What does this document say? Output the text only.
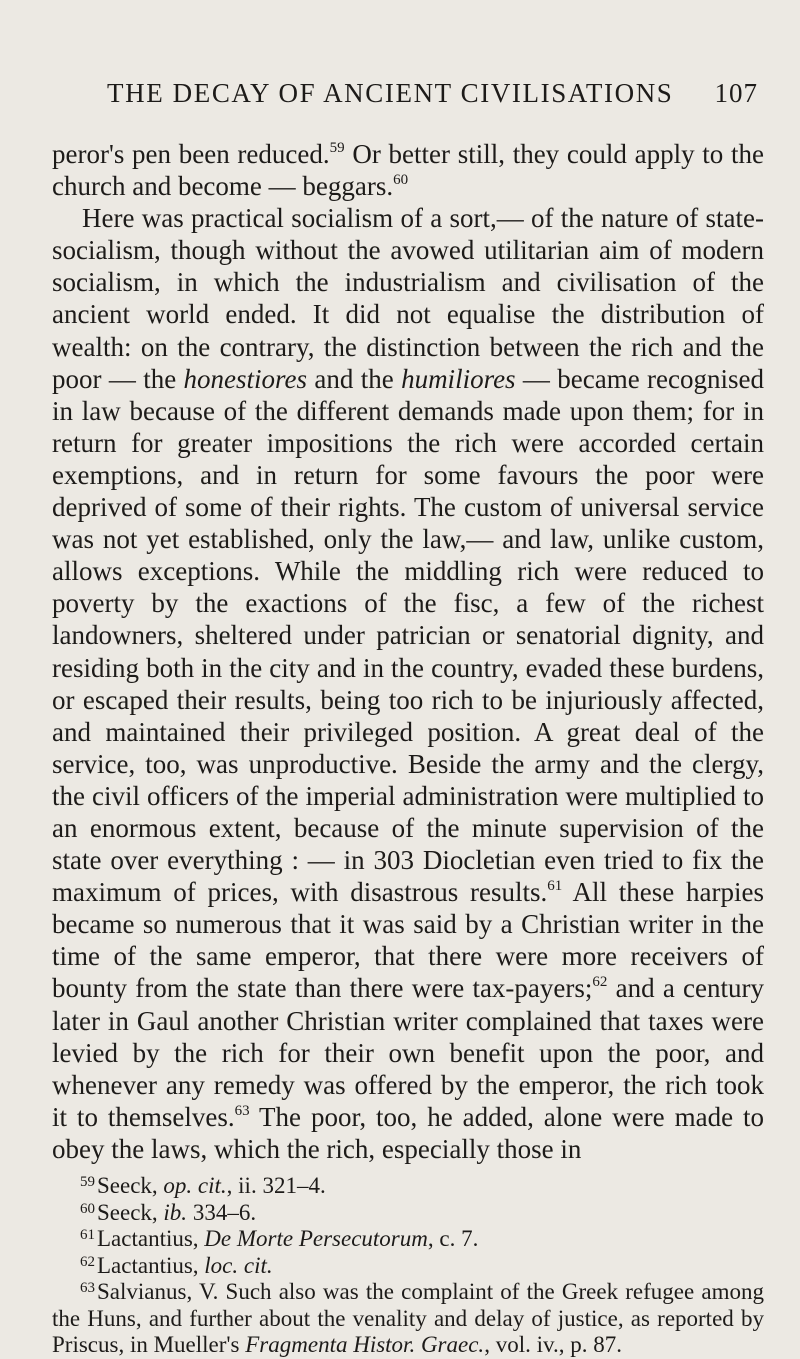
THE DECAY OF ANCIENT CIVILISATIONS 107

peror's pen been reduced.$^{59}$ Or better still, they could apply to the church and become — beggars.$^{60}$

Here was practical socialism of a sort,— of the nature of state-socialism, though without the avowed utilitarian aim of modern socialism, in which the industrialism and civilisation of the ancient world ended. It did not equalise the distribution of wealth: on the contrary, the distinction between the rich and the poor — the honestiores and the humiliores — became recognised in law because of the different demands made upon them; for in return for greater impositions the rich were accorded certain exemptions, and in return for some favours the poor were deprived of some of their rights. The custom of universal service was not yet established, only the law,— and law, unlike custom, allows exceptions. While the middling rich were reduced to poverty by the exactions of the fisc, a few of the richest landowners, sheltered under patrician or senatorial dignity, and residing both in the city and in the country, evaded these burdens, or escaped their results, being too rich to be injuriously affected, and maintained their privileged position. A great deal of the service, too, was unproductive. Beside the army and the clergy, the civil officers of the imperial administration were multiplied to an enormous extent, because of the minute supervision of the state over everything : — in 303 Diocletian even tried to fix the maximum of prices, with disastrous results.$^{61}$ All these harpies became so numerous that it was said by a Christian writer in the time of the same emperor, that there were more receivers of bounty from the state than there were tax-payers;$^{62}$ and a century later in Gaul another Christian writer complained that taxes were levied by the rich for their own benefit upon the poor, and whenever any remedy was offered by the emperor, the rich took it to themselves.$^{63}$ The poor, too, he added, alone were made to obey the laws, which the rich, especially those in

$^{59}$Seeck, op. cit., ii. 321–4.

$^{60}$Seeck, ib. 334–6.

$^{61}$Lactantius, De Morte Persecutorum, c. 7.

$^{62}$Lactantius, loc. cit.

$^{63}$Salvianus, V. Such also was the complaint of the Greek refugee among the Huns, and further about the venality and delay of justice, as reported by Priscus, in Mueller's Fragmenta Histor. Graec., vol. iv., p. 87.
